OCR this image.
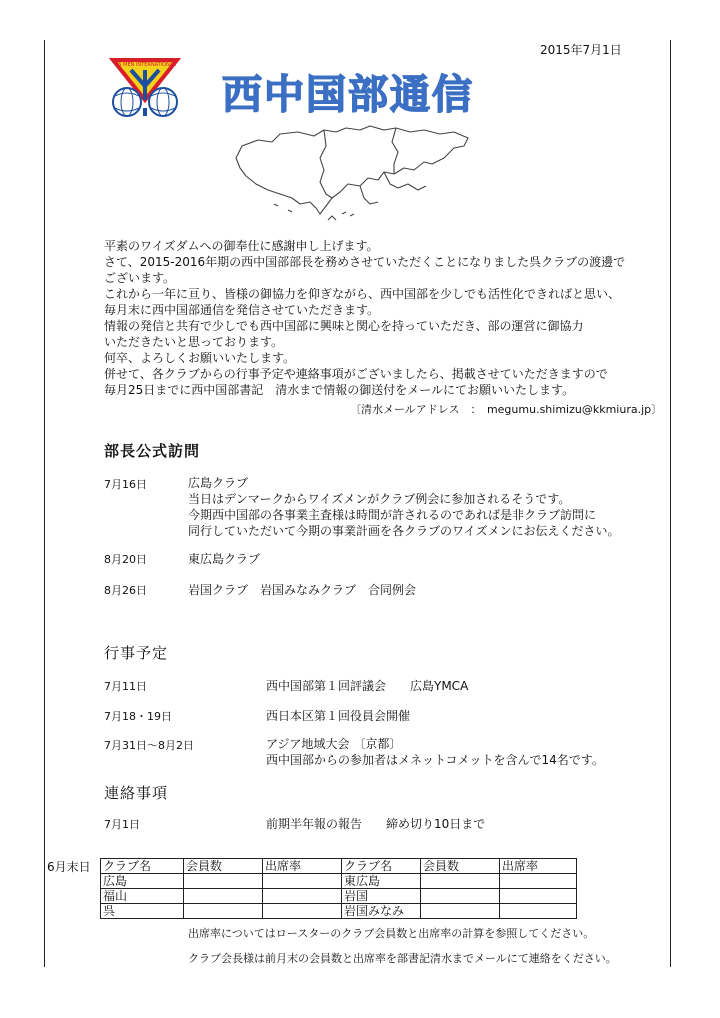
2015年7月1日
Y'S MEN INTERNATIONAL
西中国部通信
平素のワイズダムへの御奉仕に感謝申し上げます。
さて、2015-2016年期の西中国部部長を務めさせていただくことになりました呉クラブの渡邊で
ございます。
これから一年に亘り、皆様の御協力を仰ぎながら、西中国部を少しでも活性化できればと思い、
毎月末に西中国部通信を発信させていただきます。
情報の発信と共有で少しでも西中国部に興味と関心を持っていただき、部の運営に御協力
いただきたいと思っております。
何卒、よろしくお願いいたします。
併せて、各クラブからの行事予定や連絡事項がございましたら、掲載させていただきますので
毎月25日までに西中国部書記　清水まで情報の御送付をメールにてお願いいたします。
〔清水メールアドレス　：　megumu.shimizu@kkmiura.jp〕
部長公式訪問
7月16日	広島クラブ
当日はデンマークからワイズメンがクラブ例会に参加されるそうです。
今期西中国部の各事業主査様は時間が許されるのであれば是非クラブ訪問に
同行していただいて今期の事業計画を各クラブのワイズメンにお伝えください。
8月20日	東広島クラブ
8月26日	岩国クラブ　岩国みなみクラブ　合同例会
行事予定
7月11日	西中国部第１回評議会　　広島YMCA
7月18・19日	西日本区第１回役員会開催
7月31日～8月2日	アジア地域大会 〔京都〕
西中国部からの参加者はメネットコメットを含んで14名です。
連絡事項
7月1日	前期半年報の報告　　締め切り10日まで
6月末日 クラブ名	会員数	出席率	クラブ名	会員数	出席率
広島			東広島		
福山			岩国		
呉			岩国みなみ		
出席率についてはロースターのクラブ会員数と出席率の計算を参照してください。
クラブ会長様は前月末の会員数と出席率を部書記清水までメールにて連絡をください。
